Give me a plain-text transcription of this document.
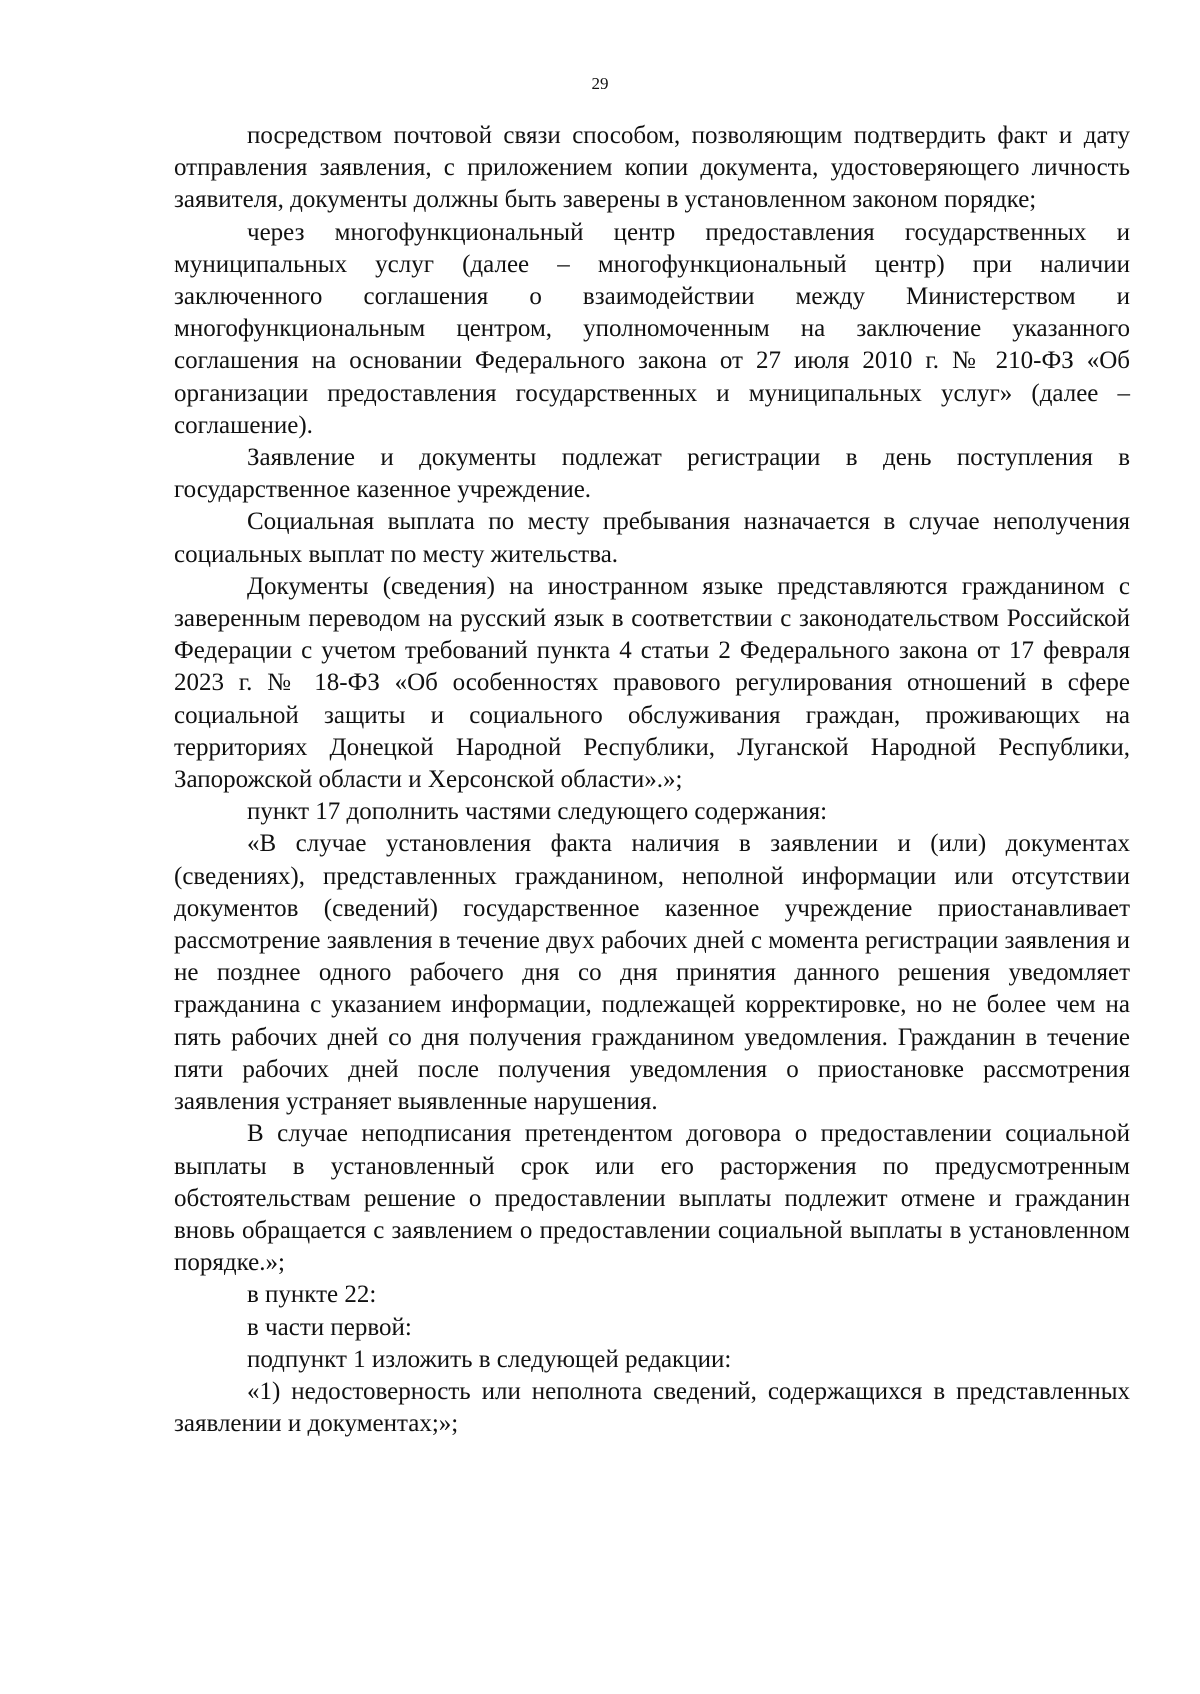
29

посредством почтовой связи способом, позволяющим подтвердить факт и дату отправления заявления, с приложением копии документа, удостоверяющего личность заявителя, документы должны быть заверены в установленном законом порядке;

через многофункциональный центр предоставления государственных и муниципальных услуг (далее – многофункциональный центр) при наличии заключенного соглашения о взаимодействии между Министерством и многофункциональным центром, уполномоченным на заключение указанного соглашения на основании Федерального закона от 27 июля 2010 г. № 210-ФЗ «Об организации предоставления государственных и муниципальных услуг» (далее – соглашение).

Заявление и документы подлежат регистрации в день поступления в государственное казенное учреждение.

Социальная выплата по месту пребывания назначается в случае неполучения социальных выплат по месту жительства.

Документы (сведения) на иностранном языке представляются гражданином с заверенным переводом на русский язык в соответствии с законодательством Российской Федерации с учетом требований пункта 4 статьи 2 Федерального закона от 17 февраля 2023 г. № 18-ФЗ «Об особенностях правового регулирования отношений в сфере социальной защиты и социального обслуживания граждан, проживающих на территориях Донецкой Народной Республики, Луганской Народной Республики, Запорожской области и Херсонской области».»;

пункт 17 дополнить частями следующего содержания:

«В случае установления факта наличия в заявлении и (или) документах (сведениях), представленных гражданином, неполной информации или отсутствии документов (сведений) государственное казенное учреждение приостанавливает рассмотрение заявления в течение двух рабочих дней с момента регистрации заявления и не позднее одного рабочего дня со дня принятия данного решения уведомляет гражданина с указанием информации, подлежащей корректировке, но не более чем на пять рабочих дней со дня получения гражданином уведомления. Гражданин в течение пяти рабочих дней после получения уведомления о приостановке рассмотрения заявления устраняет выявленные нарушения.

В случае неподписания претендентом договора о предоставлении социальной выплаты в установленный срок или его расторжения по предусмотренным обстоятельствам решение о предоставлении выплаты подлежит отмене и гражданин вновь обращается с заявлением о предоставлении социальной выплаты в установленном порядке.»;

в пункте 22:

в части первой:

подпункт 1 изложить в следующей редакции:

«1) недостоверность или неполнота сведений, содержащихся в представленных заявлении и документах;»;
